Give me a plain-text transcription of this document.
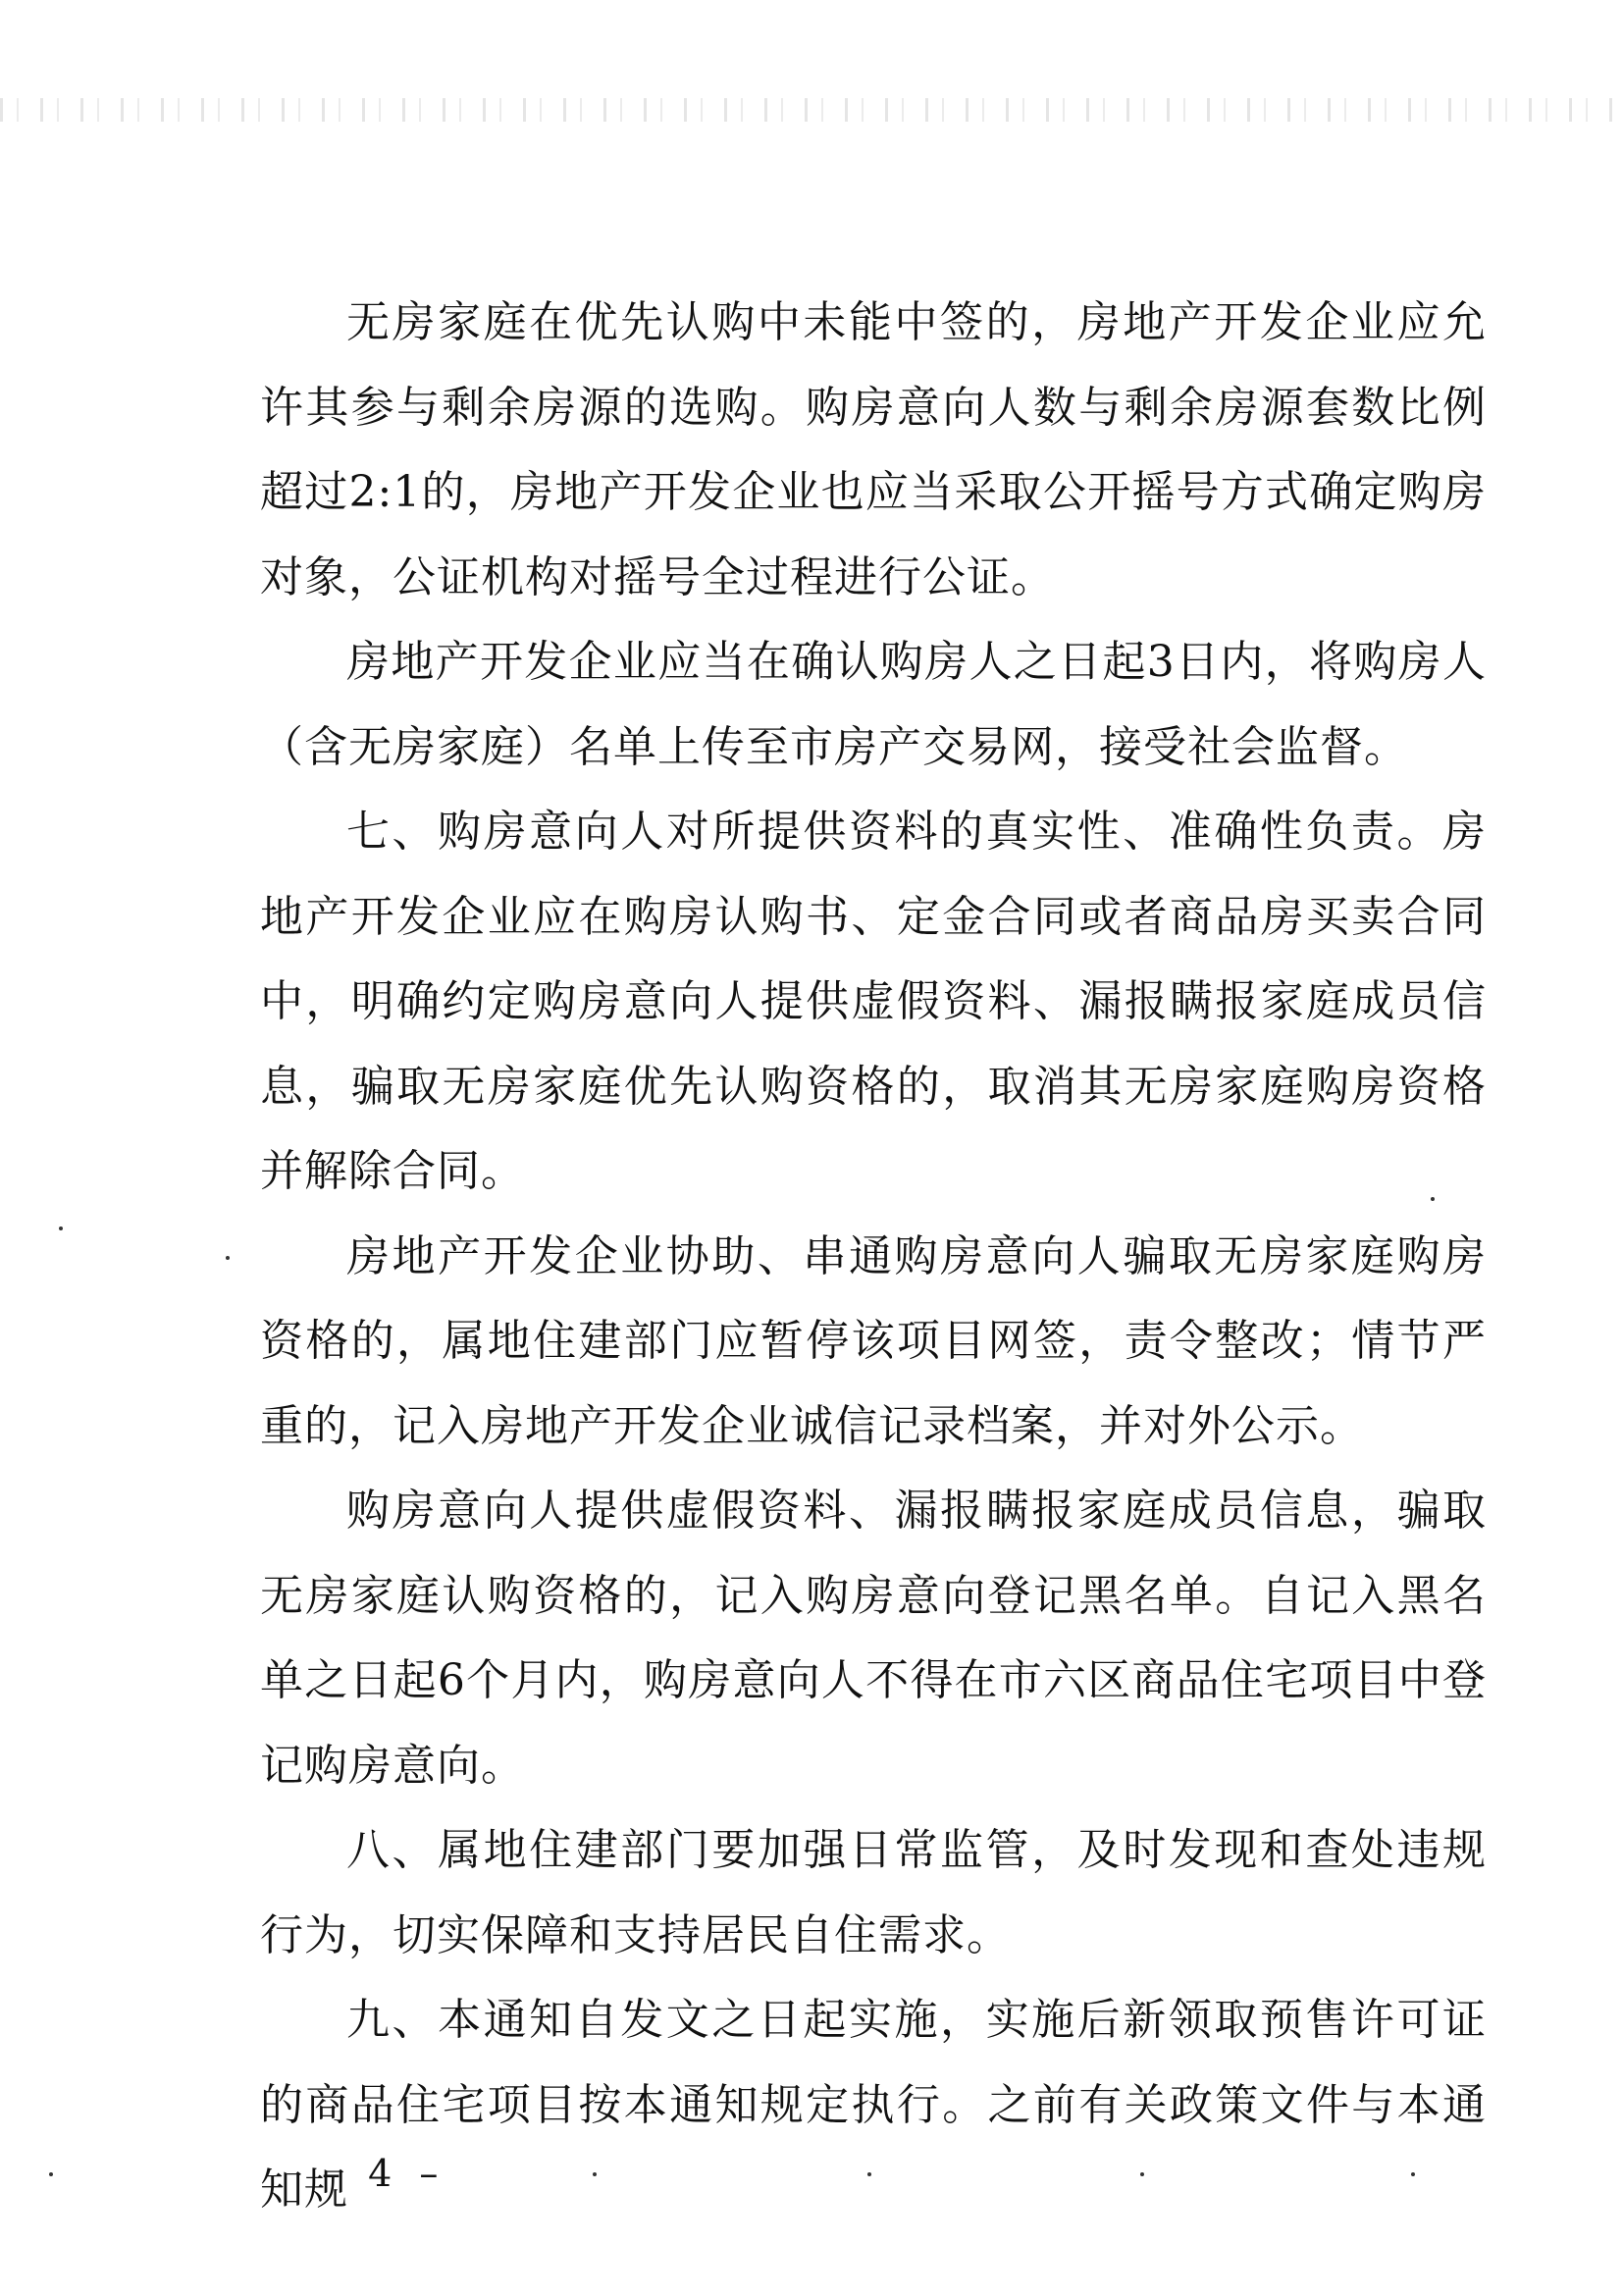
无房家庭在优先认购中未能中签的，房地产开发企业应允许其参与剩余房源的选购。购房意向人数与剩余房源套数比例超过2:1的，房地产开发企业也应当采取公开摇号方式确定购房对象，公证机构对摇号全过程进行公证。

房地产开发企业应当在确认购房人之日起3日内，将购房人（含无房家庭）名单上传至市房产交易网，接受社会监督。

七、购房意向人对所提供资料的真实性、准确性负责。房地产开发企业应在购房认购书、定金合同或者商品房买卖合同中，明确约定购房意向人提供虚假资料、漏报瞒报家庭成员信息，骗取无房家庭优先认购资格的，取消其无房家庭购房资格并解除合同。

房地产开发企业协助、串通购房意向人骗取无房家庭购房资格的，属地住建部门应暂停该项目网签，责令整改；情节严重的，记入房地产开发企业诚信记录档案，并对外公示。

购房意向人提供虚假资料、漏报瞒报家庭成员信息，骗取无房家庭认购资格的，记入购房意向登记黑名单。自记入黑名单之日起6个月内，购房意向人不得在市六区商品住宅项目中登记购房意向。

八、属地住建部门要加强日常监管，及时发现和查处违规行为，切实保障和支持居民自住需求。

九、本通知自发文之日起实施，实施后新领取预售许可证的商品住宅项目按本通知规定执行。之前有关政策文件与本通知规

– 4 –
